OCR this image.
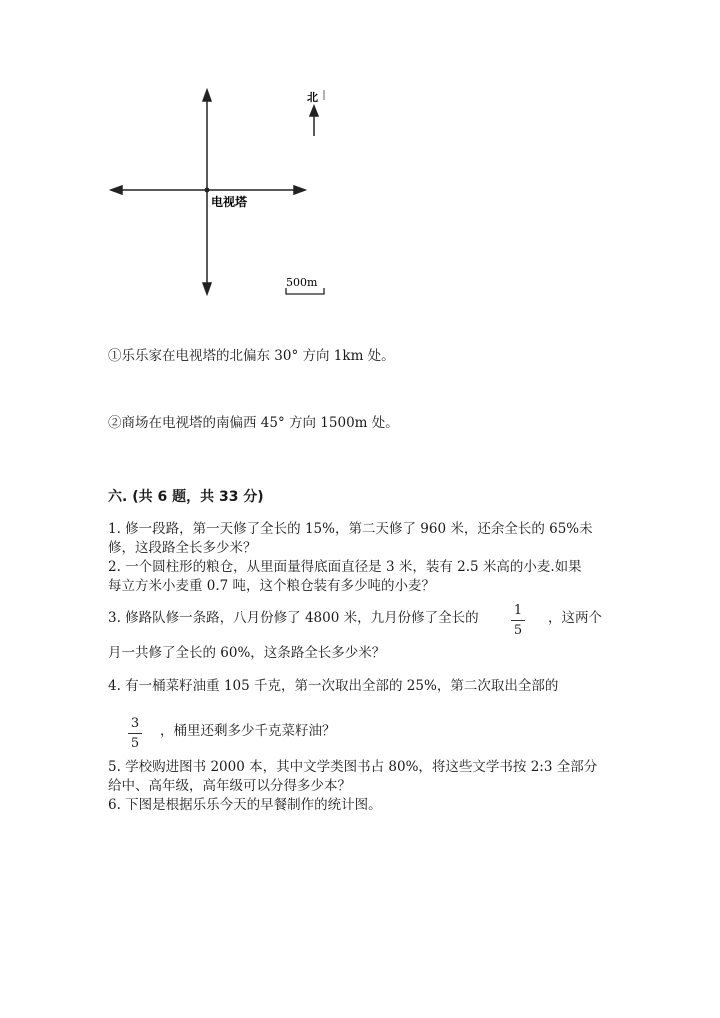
电视塔
北
500m
①乐乐家在电视塔的北偏东 30° 方向 1km 处。
②商场在电视塔的南偏西 45° 方向 1500m 处。
六. (共 6 题，共 33 分)
1. 修一段路，第一天修了全长的 15%，第二天修了 960 米，还余全长的 65%未
修，这段路全长多少米？
2. 一个圆柱形的粮仓，从里面量得底面直径是 3 米，装有 2.5 米高的小麦.如果
每立方米小麦重 0.7 吨，这个粮仓装有多少吨的小麦？
3. 修路队修一条路，八月份修了 4800 米，九月份修了全长的	1
5
，这两个
月一共修了全长的 60%，这条路全长多少米？
4. 有一桶菜籽油重 105 千克，第一次取出全部的 25%，第二次取出全部的
3
5
，桶里还剩多少千克菜籽油？
5. 学校购进图书 2000 本，其中文学类图书占 80%，将这些文学书按 2:3 全部分
给中、高年级，高年级可以分得多少本？
6. 下图是根据乐乐今天的早餐制作的统计图。
